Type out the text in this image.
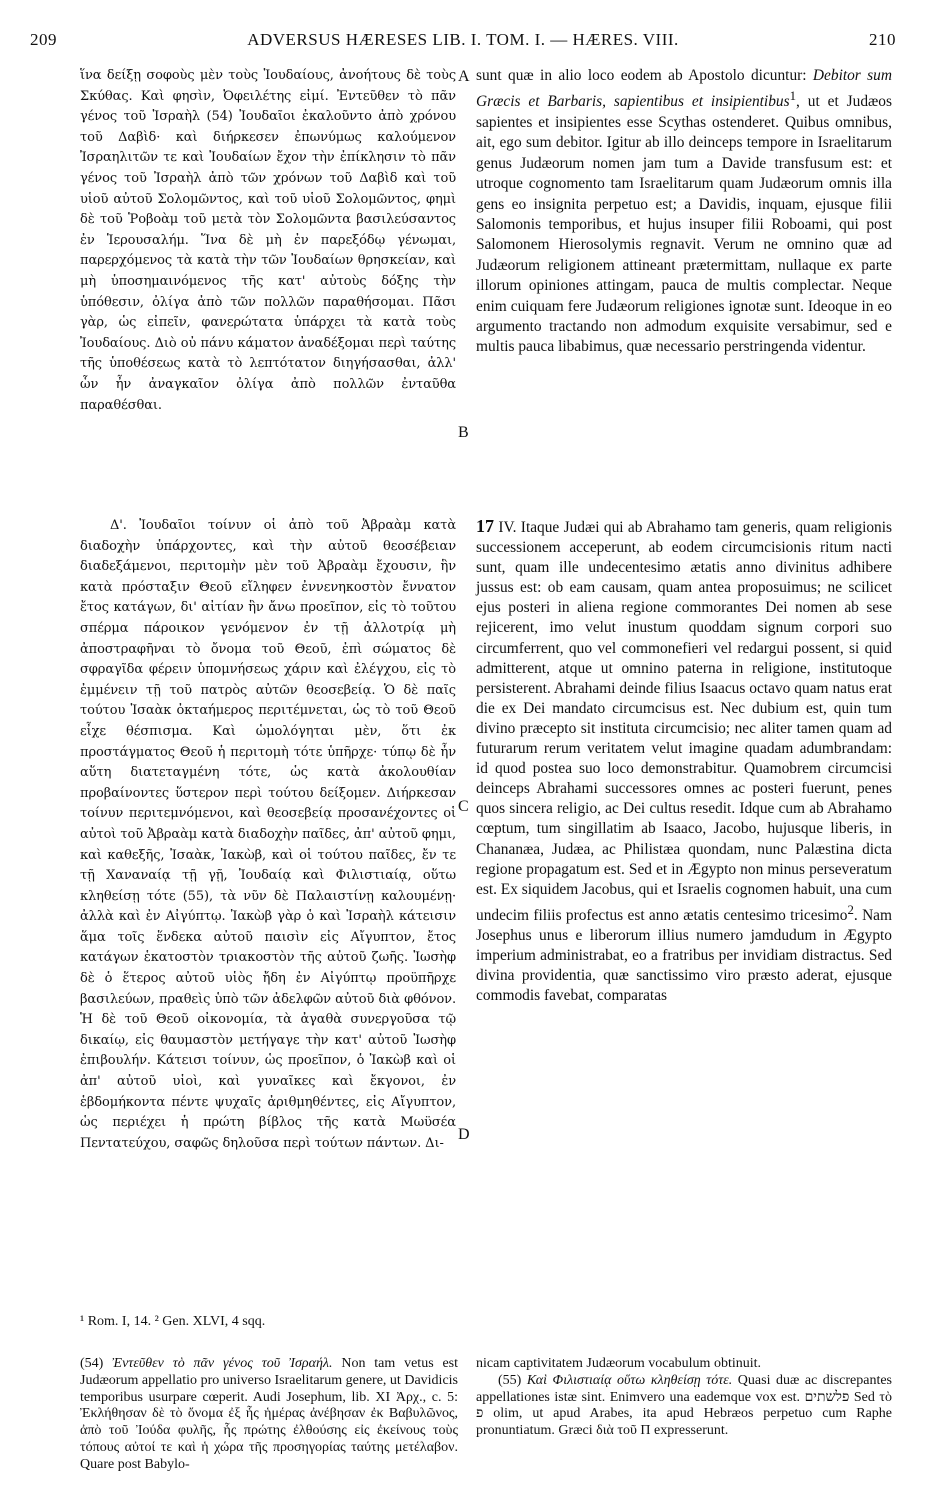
209	ADVERSUS HÆRESES LIB. I. TOM. I. — HÆRES. VIII.	210
A
B
C
D

ἵνα δείξῃ σοφοὺς μὲν τοὺς Ἰουδαίους, ἀνοήτους δὲ τοὺς Σκύθας. Καὶ φησὶν, Ὀφειλέτης εἰμί. Ἐντεῦθεν τὸ πᾶν γένος τοῦ Ἰσραὴλ (54) Ἰουδαῖοι ἐκαλοῦντο ἀπὸ χρόνου τοῦ Δαβὶδ· καὶ διήρκεσεν ἐπωνύμως καλούμενον Ἰσραηλιτῶν τε καὶ Ἰουδαίων ἔχον τὴν ἐπίκλησιν τὸ πᾶν γένος τοῦ Ἰσραὴλ ἀπὸ τῶν χρόνων τοῦ Δαβὶδ καὶ τοῦ υἱοῦ αὐτοῦ Σολομῶντος, καὶ τοῦ υἱοῦ Σολομῶντος, φημὶ δὲ τοῦ Ῥοβοὰμ τοῦ μετὰ τὸν Σολομῶντα βασιλεύσαντος ἐν Ἱερουσαλήμ. Ἵνα δὲ μὴ ἐν παρεξόδῳ γένωμαι, παρερχόμενος τὰ κατὰ τὴν τῶν Ἰουδαίων θρησκείαν, καὶ μὴ ὑποσημαινόμενος τῆς κατ' αὐτοὺς δόξης τὴν ὑπόθεσιν, ὀλίγα ἀπὸ τῶν πολλῶν παραθήσομαι. Πᾶσι γὰρ, ὡς εἰπεῖν, φανερώτατα ὑπάρχει τὰ κατὰ τοὺς Ἰουδαίους. Διὸ οὐ πάνυ κάματον ἀναδέξομαι περὶ ταύτης τῆς ὑποθέσεως κατὰ τὸ λεπτότατον διηγήσασθαι, ἀλλ' ὧν ἦν ἀναγκαῖον ὀλίγα ἀπὸ πολλῶν ἐνταῦθα παραθέσθαι.

Δ'. Ἰουδαῖοι τοίνυν οἱ ἀπὸ τοῦ Ἀβραὰμ κατὰ διαδοχὴν ὑπάρχοντες, καὶ τὴν αὐτοῦ θεοσέβειαν διαδεξάμενοι, περιτομὴν μὲν τοῦ Ἀβραὰμ ἔχουσιν, ἣν κατὰ πρόσταξιν Θεοῦ εἴληφεν ἐννενηκοστὸν ἔννατον ἔτος κατάγων, δι' αἰτίαν ἣν ἄνω προεῖπον, εἰς τὸ τοῦτου σπέρμα πάροικον γενόμενον ἐν τῇ ἀλλοτρίᾳ μὴ ἀποστραφῆναι τὸ ὄνομα τοῦ Θεοῦ, ἐπὶ σώματος δὲ σφραγῖδα φέρειν ὑπομνήσεως χάριν καὶ ἐλέγχου, εἰς τὸ ἐμμένειν τῇ τοῦ πατρὸς αὐτῶν θεοσεβείᾳ. Ὁ δὲ παῖς τούτου Ἰσαὰκ ὀκταήμερος περιτέμνεται, ὡς τὸ τοῦ Θεοῦ εἶχε θέσπισμα. Καὶ ὡμολόγηται μὲν, ὅτι ἐκ προστάγματος Θεοῦ ἡ περιτομὴ τότε ὑπῆρχε· τύπῳ δὲ ἦν αὕτη διατεταγμένη τότε, ὡς κατὰ ἀκολουθίαν προβαίνοντες ὕστερον περὶ τούτου δείξομεν. Διήρκεσαν τοίνυν περιτεμνόμενοι, καὶ θεοσεβείᾳ προσανέχοντες οἱ αὐτοὶ τοῦ Ἀβραὰμ κατὰ διαδοχὴν παῖδες, ἀπ' αὐτοῦ φημι, καὶ καθεξῆς, Ἰσαὰκ, Ἰακὼβ, καὶ οἱ τούτου παῖδες, ἔν τε τῇ Χαναναίᾳ τῇ γῇ, Ἰουδαίᾳ καὶ Φιλιστιαίᾳ, οὕτω κληθείσῃ τότε (55), τὰ νῦν δὲ Παλαιστίνῃ καλουμένῃ· ἀλλὰ καὶ ἐν Αἰγύπτῳ. Ἰακὼβ γὰρ ὁ καὶ Ἰσραὴλ κάτεισιν ἅμα τοῖς ἕνδεκα αὐτοῦ παισὶν εἰς Αἴγυπτον, ἔτος κατάγων ἑκατοστὸν τριακοστὸν τῆς αὐτοῦ ζωῆς. Ἰωσὴφ δὲ ὁ ἕτερος αὐτοῦ υἱὸς ἤδη ἐν Αἰγύπτῳ προϋπῆρχε βασιλεύων, πραθεὶς ὑπὸ τῶν ἀδελφῶν αὐτοῦ διὰ φθόνον. Ἡ δὲ τοῦ Θεοῦ οἰκονομία, τὰ ἀγαθὰ συνεργοῦσα τῷ δικαίῳ, εἰς θαυμαστὸν μετήγαγε τὴν κατ' αὐτοῦ Ἰωσὴφ ἐπιβουλήν. Κάτεισι τοίνυν, ὡς προεῖπον, ὁ Ἰακὼβ καὶ οἱ ἀπ' αὐτοῦ υἱοὶ, καὶ γυναῖκες καὶ ἔκγονοι, ἐν ἑβδομήκοντα πέντε ψυχαῖς ἀριθμηθέντες, εἰς Αἴγυπτον, ὡς περιέχει ἡ πρώτη βίβλος τῆς κατὰ Μωϋσέα Πεντατεύχου, σαφῶς δηλοῦσα περὶ τούτων πάντων. Δι-

sunt quæ in alio loco eodem ab Apostolo dicuntur: Debitor sum Græcis et Barbaris, sapientibus et insipientibus$^1$, ut et Judæos sapientes et insipientes esse Scythas ostenderet. Quibus omnibus, ait, ego sum debitor. Igitur ab illo deinceps tempore in Israelitarum genus Judæorum nomen jam tum a Davide transfusum est: et utroque cognomento tam Israelitarum quam Judæorum omnis illa gens eo insignita perpetuo est; a Davidis, inquam, ejusque filii Salomonis temporibus, et hujus insuper filii Roboami, qui post Salomonem Hierosolymis regnavit. Verum ne omnino quæ ad Judæorum religionem attineant prætermittam, nullaque ex parte illorum opiniones attingam, pauca de multis complectar. Neque enim cuiquam fere Judæorum religiones ignotæ sunt. Ideoque in eo argumento tractando non admodum exquisite versabimur, sed e multis pauca libabimus, quæ necessario perstringenda videntur.

17 IV. Itaque Judæi qui ab Abrahamo tam generis, quam religionis successionem acceperunt, ab eodem circumcisionis ritum nacti sunt, quam ille undecentesimo ætatis anno divinitus adhibere jussus est: ob eam causam, quam antea proposuimus; ne scilicet ejus posteri in aliena regione commorantes Dei nomen ab sese rejicerent, imo velut inustum quoddam signum corpori suo circumferrent, quo vel commonefieri vel redargui possent, si quid admitterent, atque ut omnino paterna in religione, institutoque persisterent. Abrahami deinde filius Isaacus octavo quam natus erat die ex Dei mandato circumcisus est. Nec dubium est, quin tum divino præcepto sit instituta circumcisio; nec aliter tamen quam ad futurarum rerum veritatem velut imagine quadam adumbrandam: id quod postea suo loco demonstrabitur. Quamobrem circumcisi deinceps Abrahami successores omnes ac posteri fuerunt, penes quos sincera religio, ac Dei cultus resedit. Idque cum ab Abrahamo cœptum, tum singillatim ab Isaaco, Jacobo, hujusque liberis, in Chananæa, Judæa, ac Philistæa quondam, nunc Palæstina dicta regione propagatum est. Sed et in Ægypto non minus perseveratum est. Ex siquidem Jacobus, qui et Israelis cognomen habuit, una cum undecim filiis profectus est anno ætatis centesimo tricesimo$^2$. Nam Josephus unus e liberorum illius numero jamdudum in Ægypto imperium administrabat, eo a fratribus per invidiam distractus. Sed divina providentia, quæ sanctissimo viro præsto aderat, ejusque commodis favebat, comparatas

¹ Rom. I, 14. ² Gen. XLVI, 4 sqq.
(54) Ἐντεῦθεν τὸ πᾶν γένος τοῦ Ἰσραήλ. Non tam vetus est Judæorum appellatio pro universo Israelitarum genere, ut Davidicis temporibus usurpare cœperit. Audi Josephum, lib. XI Ἀρχ., c. 5: Ἐκλήθησαν δὲ τὸ ὄνομα ἐξ ἧς ἡμέρας ἀνέβησαν ἐκ Βαβυλῶνος, ἀπὸ τοῦ Ἰούδα φυλῆς, ἧς πρώτης ἐλθούσης εἰς ἐκείνους τοὺς τόπους αὐτοί τε καὶ ἡ χώρα τῆς προσηγορίας ταύτης μετέλαβον. Quare post Babylo-
nicam captivitatem Judæorum vocabulum obtinuit.
(55) Καὶ Φιλιστιαίᾳ οὕτω κληθείσῃ τότε. Quasi duæ ac discrepantes appellationes istæ sint. Enimvero una eademque vox est. פלשתים Sed τὸ פ olim, ut apud Arabes, ita apud Hebræos perpetuo cum Raphe pronuntiatum. Græci διὰ τοῦ Π expresserunt.
